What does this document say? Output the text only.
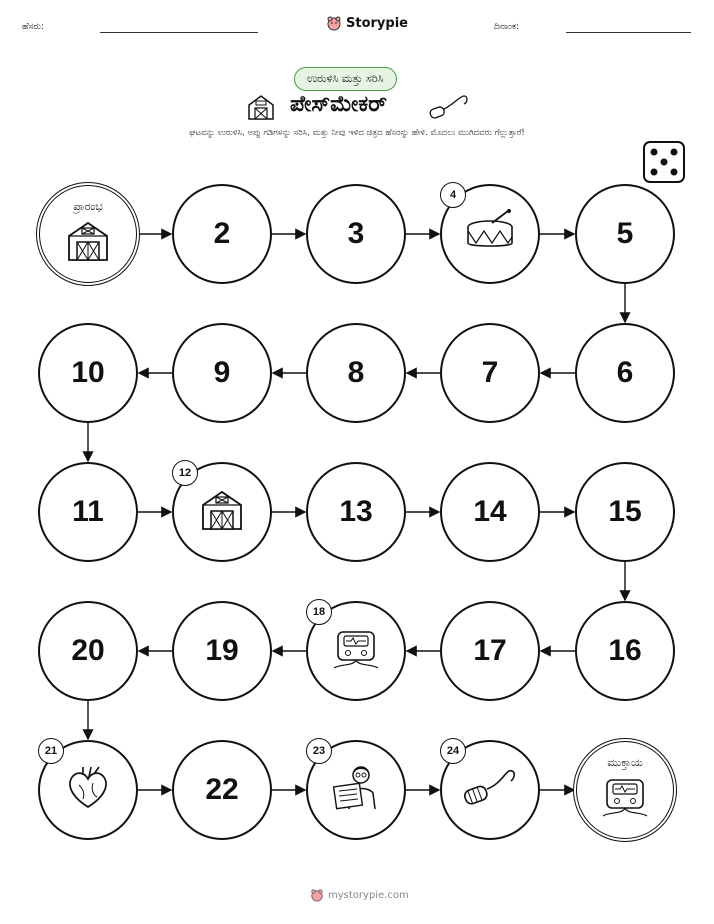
ಹೆಸರು:	Storypie	ದಿನಾಂಕ:
ಉರುಳಿಸಿ ಮತ್ತು ಸರಿಸಿ
ಪೇಸ್‌ಮೇಕರ್
ಘಟವನ್ನು ಉರುಳಿಸಿ, ಅಪ್ಪು ಗಡಿಗಳನ್ನು ಸರಿಸಿ, ಮತ್ತು ನೀವು ಇಳಿದ ಚಿತ್ರದ ಹೆಸರನ್ನು ಹೇಳಿ. ಮೊದಲು ಮುಗಿದವರು ಗೆಲ್ಲುತ್ತಾರೆ!
ಪ್ರಾರಂಭ
2	3
4
5
6
7
8
9
10
11
12
13	14	15
16
17
18
19
20
21
22
23	24
ಮುಕ್ತಾಯ
mystorypie.com
